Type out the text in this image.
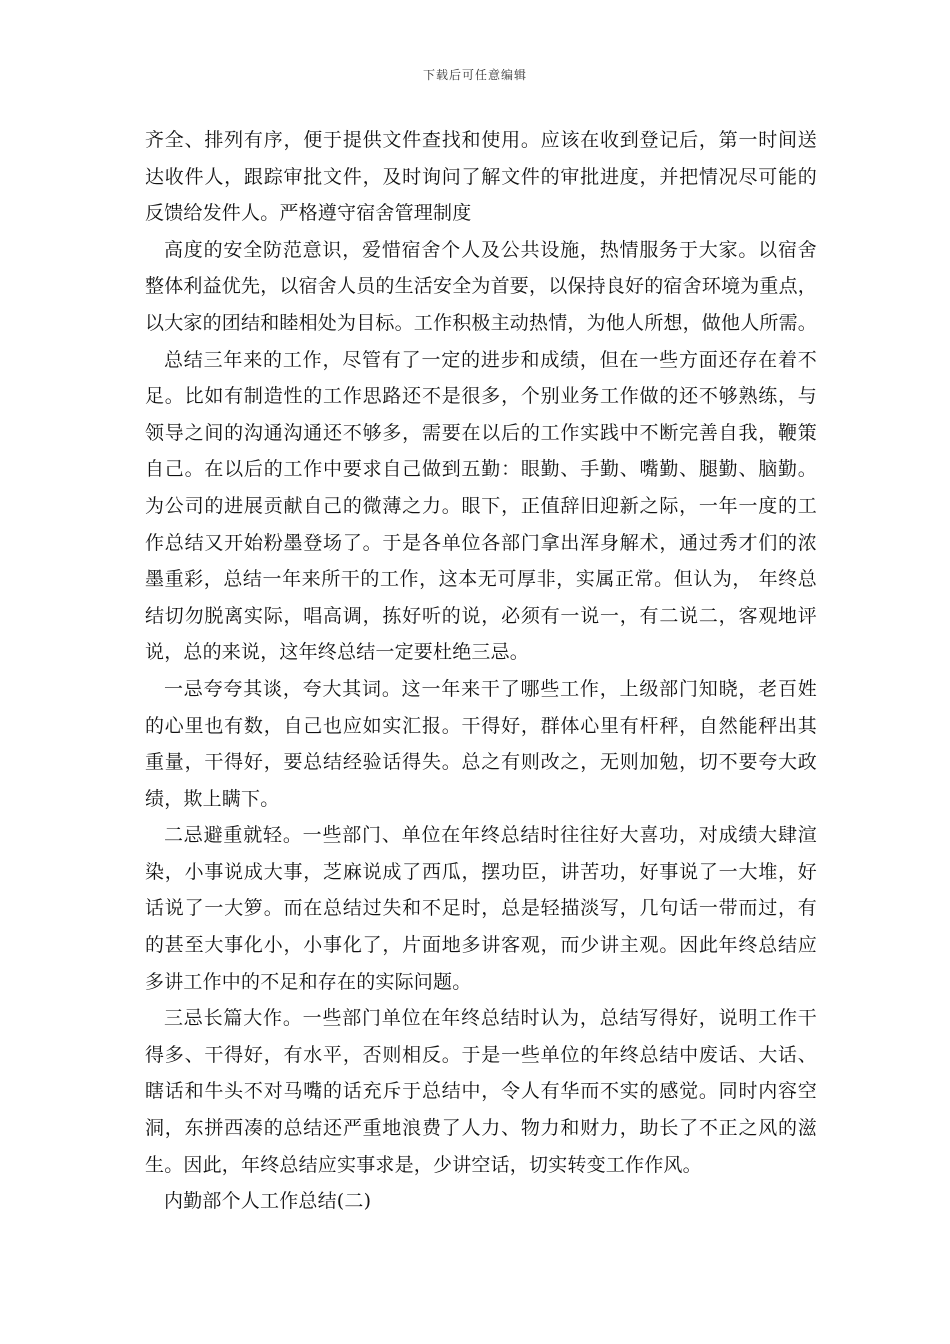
下载后可任意编辑
齐全、排列有序，便于提供文件查找和使用。应该在收到登记后，第一时间送
达收件人，跟踪审批文件，及时询问了解文件的审批进度，并把情况尽可能的
反馈给发件人。严格遵守宿舍管理制度
高度的安全防范意识，爱惜宿舍个人及公共设施，热情服务于大家。以宿舍
整体利益优先，以宿舍人员的生活安全为首要，以保持良好的宿舍环境为重点，
以大家的团结和睦相处为目标。工作积极主动热情，为他人所想，做他人所需。
总结三年来的工作，尽管有了一定的进步和成绩，但在一些方面还存在着不
足。比如有制造性的工作思路还不是很多，个别业务工作做的还不够熟练，与
领导之间的沟通沟通还不够多，需要在以后的工作实践中不断完善自我，鞭策
自己。在以后的工作中要求自己做到五勤：眼勤、手勤、嘴勤、腿勤、脑勤。
为公司的进展贡献自己的微薄之力。眼下，正值辞旧迎新之际，一年一度的工
作总结又开始粉墨登场了。于是各单位各部门拿出浑身解术，通过秀才们的浓
墨重彩，总结一年来所干的工作，这本无可厚非，实属正常。但认为， 年终总
结切勿脱离实际，唱高调，拣好听的说，必须有一说一，有二说二，客观地评
说，总的来说，这年终总结一定要杜绝三忌。
一忌夸夸其谈，夸大其词。这一年来干了哪些工作，上级部门知晓，老百姓
的心里也有数，自己也应如实汇报。干得好，群体心里有杆秤，自然能秤出其
重量，干得好，要总结经验话得失。总之有则改之，无则加勉，切不要夸大政
绩，欺上瞒下。
二忌避重就轻。一些部门、单位在年终总结时往往好大喜功，对成绩大肆渲
染，小事说成大事，芝麻说成了西瓜，摆功臣，讲苦功，好事说了一大堆，好
话说了一大箩。而在总结过失和不足时，总是轻描淡写，几句话一带而过，有
的甚至大事化小，小事化了，片面地多讲客观，而少讲主观。因此年终总结应
多讲工作中的不足和存在的实际问题。
三忌长篇大作。一些部门单位在年终总结时认为，总结写得好，说明工作干
得多、干得好，有水平，否则相反。于是一些单位的年终总结中废话、大话、
瞎话和牛头不对马嘴的话充斥于总结中，令人有华而不实的感觉。同时内容空
洞，东拼西凑的总结还严重地浪费了人力、物力和财力，助长了不正之风的滋
生。因此，年终总结应实事求是，少讲空话，切实转变工作作风。
内勤部个人工作总结(二)
